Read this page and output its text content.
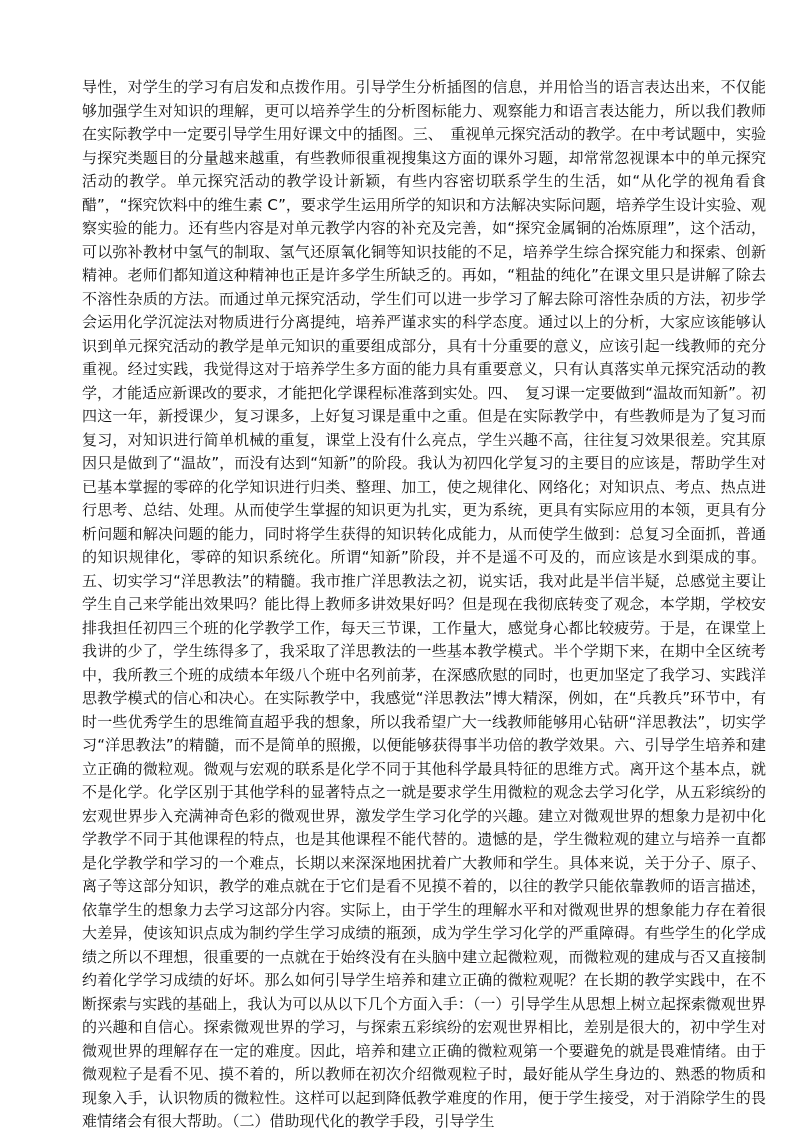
导性，对学生的学习有启发和点拨作用。引导学生分析插图的信息，并用恰当的语言表达出来，不仅能够加强学生对知识的理解，更可以培养学生的分析图标能力、观察能力和语言表达能力，所以我们教师在实际教学中一定要引导学生用好课文中的插图。三、　重视单元探究活动的教学。在中考试题中，实验与探究类题目的分量越来越重，有些教师很重视搜集这方面的课外习题，却常常忽视课本中的单元探究活动的教学。单元探究活动的教学设计新颖，有些内容密切联系学生的生活，如“从化学的视角看食醋”，“探究饮料中的维生素 C”，要求学生运用所学的知识和方法解决实际问题，培养学生设计实验、观察实验的能力。还有些内容是对单元教学内容的补充及完善，如“探究金属铜的冶炼原理”，这个活动，可以弥补教材中氢气的制取、氢气还原氧化铜等知识技能的不足，培养学生综合探究能力和探索、创新精神。老师们都知道这种精神也正是许多学生所缺乏的。再如，“粗盐的纯化”在课文里只是讲解了除去不溶性杂质的方法。而通过单元探究活动，学生们可以进一步学习了解去除可溶性杂质的方法，初步学会运用化学沉淀法对物质进行分离提纯，培养严谨求实的科学态度。通过以上的分析，大家应该能够认识到单元探究活动的教学是单元知识的重要组成部分，具有十分重要的意义，应该引起一线教师的充分重视。经过实践，我觉得这对于培养学生多方面的能力具有重要意义，只有认真落实单元探究活动的教学，才能适应新课改的要求，才能把化学课程标准落到实处。四、　复习课一定要做到“温故而知新”。初四这一年，新授课少，复习课多，上好复习课是重中之重。但是在实际教学中，有些教师是为了复习而复习，对知识进行简单机械的重复，课堂上没有什么亮点，学生兴趣不高，往往复习效果很差。究其原因只是做到了“温故”，而没有达到“知新”的阶段。我认为初四化学复习的主要目的应该是，帮助学生对已基本掌握的零碎的化学知识进行归类、整理、加工，使之规律化、网络化；对知识点、考点、热点进行思考、总结、处理。从而使学生掌握的知识更为扎实，更为系统，更具有实际应用的本领，更具有分析问题和解决问题的能力，同时将学生获得的知识转化成能力，从而使学生做到：总复习全面抓，普通的知识规律化，零碎的知识系统化。所谓“知新”阶段，并不是遥不可及的，而应该是水到渠成的事。五、切实学习“洋思教法”的精髓。我市推广洋思教法之初，说实话，我对此是半信半疑，总感觉主要让学生自己来学能出效果吗？能比得上教师多讲效果好吗？但是现在我彻底转变了观念，本学期，学校安排我担任初四三个班的化学教学工作，每天三节课，工作量大，感觉身心都比较疲劳。于是，在课堂上我讲的少了，学生练得多了，我采取了洋思教法的一些基本教学模式。半个学期下来，在期中全区统考中，我所教三个班的成绩本年级八个班中名列前茅，在深感欣慰的同时，也更加坚定了我学习、实践洋思教学模式的信心和决心。在实际教学中，我感觉“洋思教法”博大精深，例如，在“兵教兵”环节中，有时一些优秀学生的思维简直超乎我的想象，所以我希望广大一线教师能够用心钻研“洋思教法”，切实学习“洋思教法”的精髓，而不是简单的照搬，以便能够获得事半功倍的教学效果。六、引导学生培养和建立正确的微粒观。微观与宏观的联系是化学不同于其他科学最具特征的思维方式。离开这个基本点，就不是化学。化学区别于其他学科的显著特点之一就是要求学生用微粒的观念去学习化学，从五彩缤纷的宏观世界步入充满神奇色彩的微观世界，激发学生学习化学的兴趣。建立对微观世界的想象力是初中化学教学不同于其他课程的特点，也是其他课程不能代替的。遗憾的是，学生微粒观的建立与培养一直都是化学教学和学习的一个难点，长期以来深深地困扰着广大教师和学生。具体来说，关于分子、原子、离子等这部分知识，教学的难点就在于它们是看不见摸不着的，以往的教学只能依靠教师的语言描述，依靠学生的想象力去学习这部分内容。实际上，由于学生的理解水平和对微观世界的想象能力存在着很大差异，使该知识点成为制约学生学习成绩的瓶颈，成为学生学习化学的严重障碍。有些学生的化学成绩之所以不理想，很重要的一点就在于始终没有在头脑中建立起微粒观，而微粒观的建成与否又直接制约着化学学习成绩的好坏。那么如何引导学生培养和建立正确的微粒观呢？在长期的教学实践中，在不断探索与实践的基础上，我认为可以从以下几个方面入手：（一）引导学生从思想上树立起探索微观世界的兴趣和自信心。探索微观世界的学习，与探索五彩缤纷的宏观世界相比，差别是很大的，初中学生对微观世界的理解存在一定的难度。因此，培养和建立正确的微粒观第一个要避免的就是畏难情绪。由于微观粒子是看不见、摸不着的，所以教师在初次介绍微观粒子时，最好能从学生身边的、熟悉的物质和现象入手，认识物质的微粒性。这样可以起到降低教学难度的作用，便于学生接受，对于消除学生的畏难情绪会有很大帮助。（二）借助现代化的教学手段，引导学生
